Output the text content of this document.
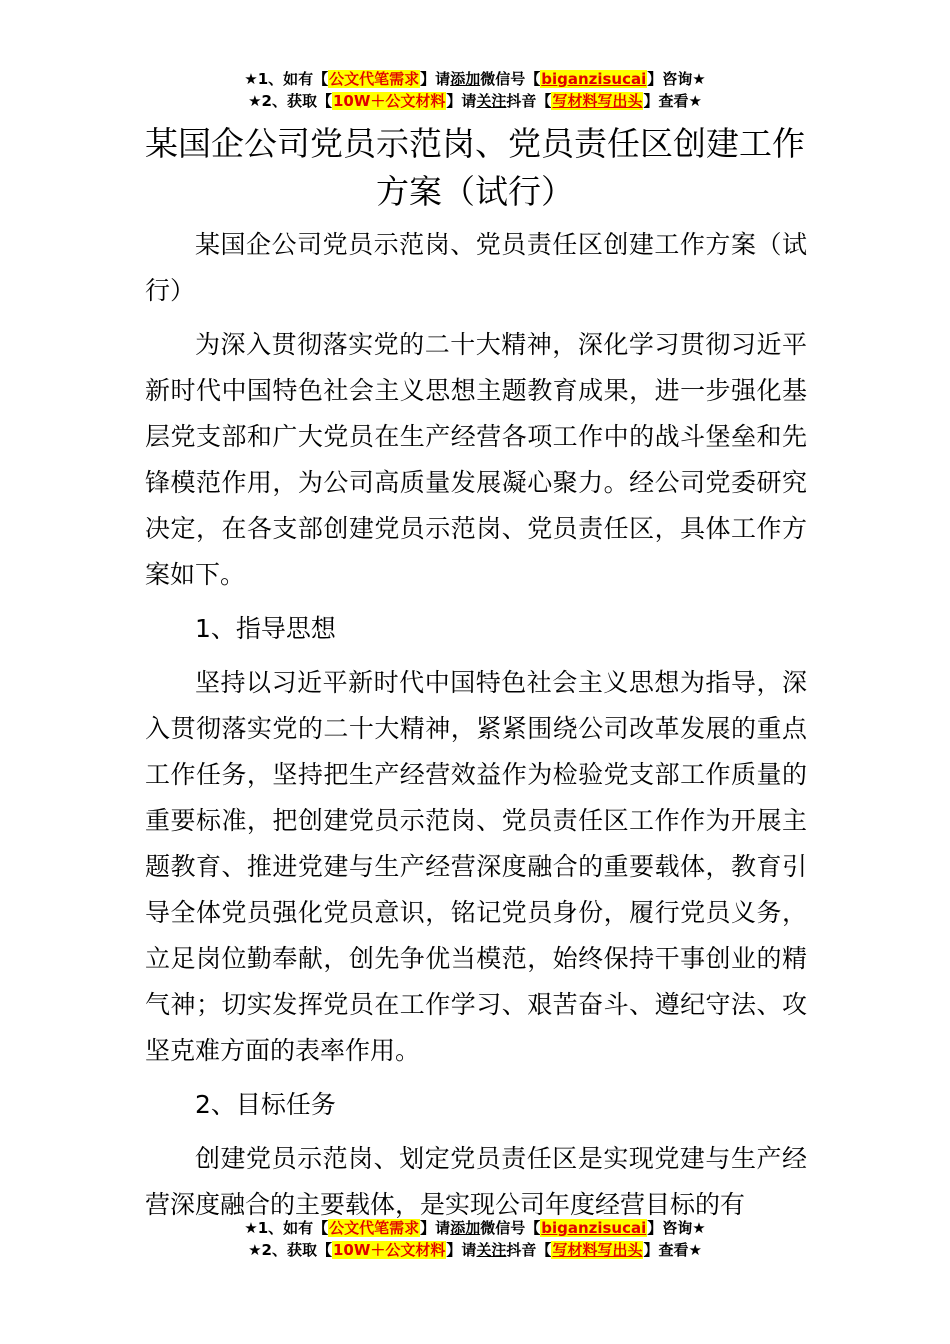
★1、如有【公文代笔需求】请添加微信号【biganzisucai】咨询★
★2、获取【10W＋公文材料】请关注抖音【写材料写出头】查看★
某国企公司党员示范岗、党员责任区创建工作方案（试行）

某国企公司党员示范岗、党员责任区创建工作方案（试行）

为深入贯彻落实党的二十大精神，深化学习贯彻习近平新时代中国特色社会主义思想主题教育成果，进一步强化基层党支部和广大党员在生产经营各项工作中的战斗堡垒和先锋模范作用，为公司高质量发展凝心聚力。经公司党委研究决定，在各支部创建党员示范岗、党员责任区，具体工作方案如下。

1、指导思想

坚持以习近平新时代中国特色社会主义思想为指导，深入贯彻落实党的二十大精神，紧紧围绕公司改革发展的重点工作任务，坚持把生产经营效益作为检验党支部工作质量的重要标准，把创建党员示范岗、党员责任区工作作为开展主题教育、推进党建与生产经营深度融合的重要载体，教育引导全体党员强化党员意识，铭记党员身份，履行党员义务，立足岗位勤奉献，创先争优当模范，始终保持干事创业的精气神；切实发挥党员在工作学习、艰苦奋斗、遵纪守法、攻坚克难方面的表率作用。

2、目标任务

创建党员示范岗、划定党员责任区是实现党建与生产经营深度融合的主要载体，是实现公司年度经营目标的有

★1、如有【公文代笔需求】请添加微信号【biganzisucai】咨询★
★2、获取【10W＋公文材料】请关注抖音【写材料写出头】查看★
